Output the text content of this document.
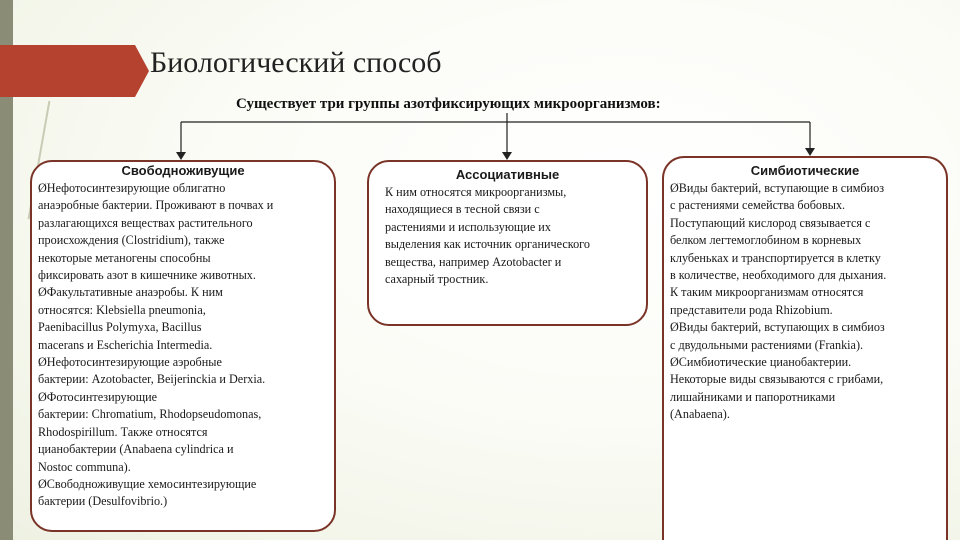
Биологический способ
Существует три группы азотфиксирующих микроорганизмов:
Свободноживущие

ØНефотосинтезирующие облигатно

анаэробные бактерии. Проживают в почвах и

разлагающихся веществах растительного

происхождения (Clostridium), также

некоторые метаногены способны

фиксировать азот в кишечнике животных.

ØФакультативные анаэробы. К ним

относятся: Klebsiella pneumonia,

Paenibacillus Polymyxa, Bacillus

macerans и Escherichia Intermedia.

ØНефотосинтезирующие аэробные

бактерии: Azotobacter, Beijerinckia и Derxia.

ØФотосинтезирующие

бактерии: Chromatium, Rhodopseudomonas,

Rhodospirillum. Также относятся

цианобактерии (Anabaena cylindrica и

Nostoc communa).

ØСвободноживущие хемосинтезирующие

бактерии (Desulfovibrio.)

Ассоциативные

К ним относятся микроорганизмы,

находящиеся в тесной связи с

растениями и использующие их

выделения как источник органического

вещества, например Azotobacter и

сахарный тростник.

Симбиотические

ØВиды бактерий, вступающие в симбиоз

с растениями семейства бобовых.

Поступающий кислород связывается с

белком легтемоглобином в корневых

клубеньках и транспортируется в клетку

в количестве, необходимого для дыхания.

К таким микроорганизмам относятся

представители рода Rhizobium.

ØВиды бактерий, вступающих в симбиоз

с двудольными растениями (Frankia).

ØСимбиотические цианобактерии.

Некоторые виды связываются с грибами,

лишайниками и папоротниками

(Anabaena).
